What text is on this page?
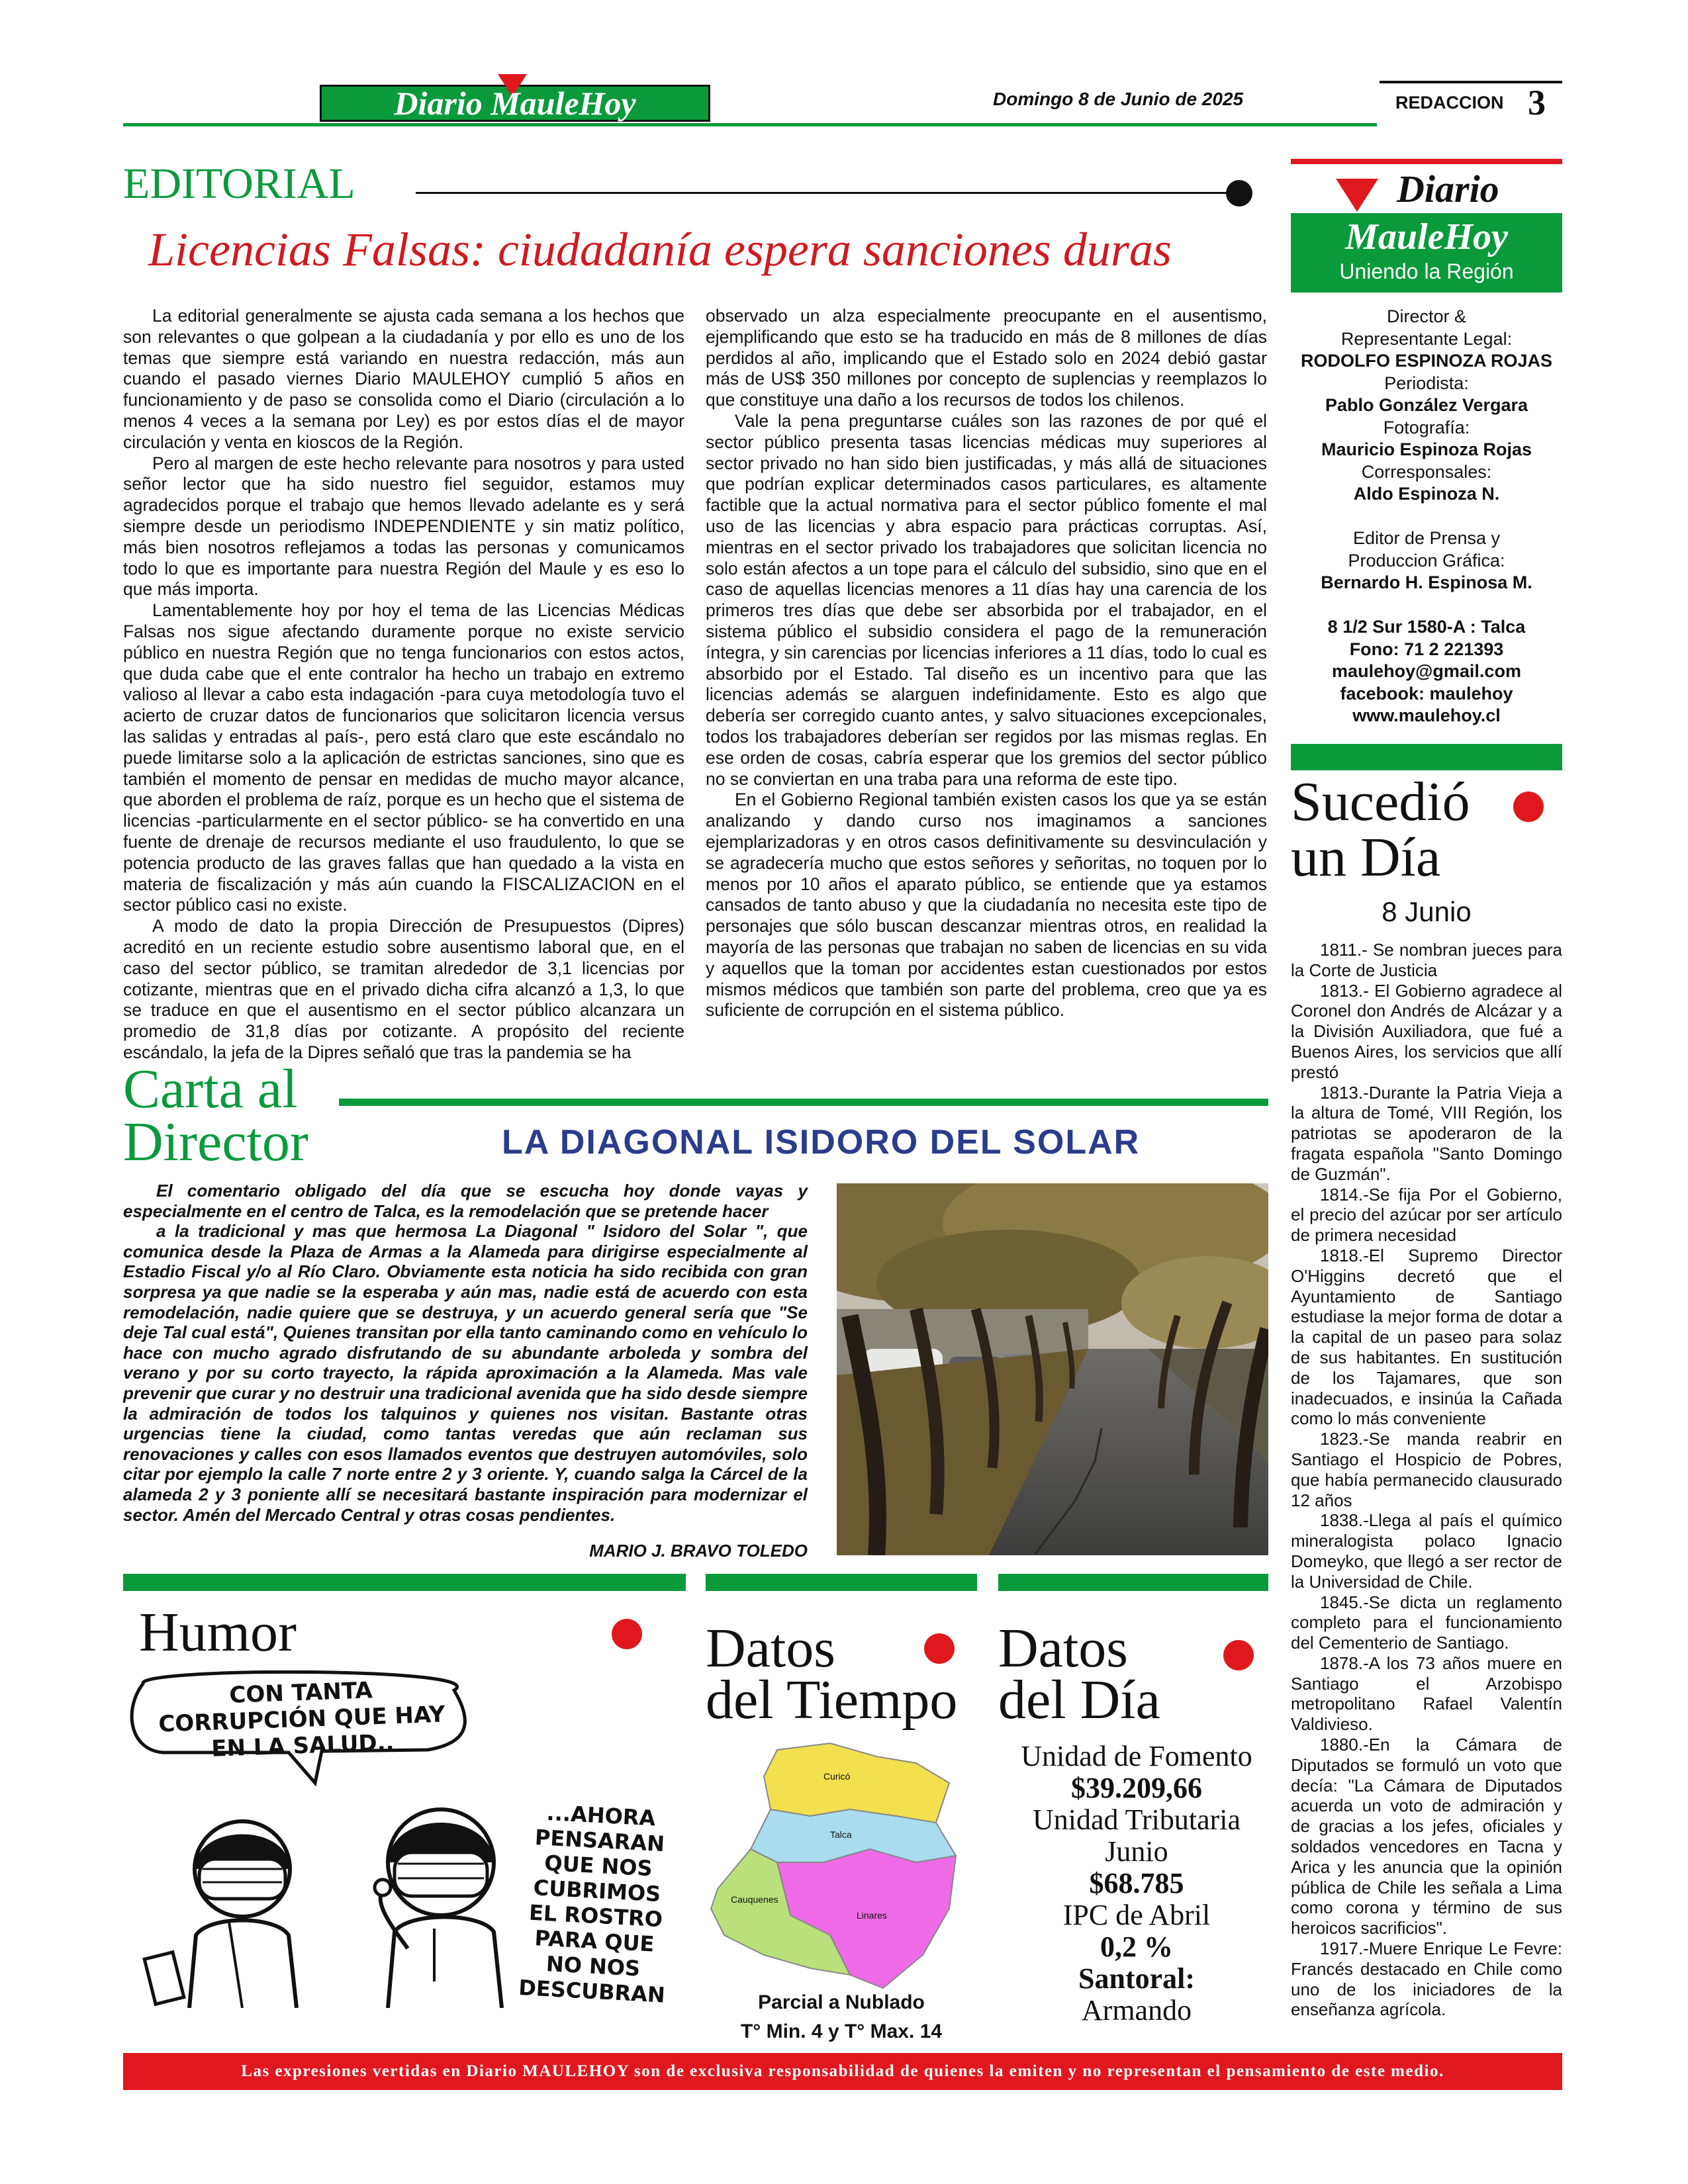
Diario MauleHoy	Domingo 8 de Junio de 2025	REDACCION 3
EDITORIAL
Licencias Falsas: ciudadanía espera sanciones duras

La editorial generalmente se ajusta cada semana a los hechos que son relevantes o que golpean a la ciudadanía y por ello es uno de los temas que siempre está variando en nuestra redacción, más aun cuando el pasado viernes Diario MAULEHOY cumplió 5 años en funcionamiento y de paso se consolida como el Diario (circulación a lo menos 4 veces a la semana por Ley) es por estos días el de mayor circulación y venta en kioscos de la Región.

Pero al margen de este hecho relevante para nosotros y para usted señor lector que ha sido nuestro fiel seguidor, estamos muy agradecidos porque el trabajo que hemos llevado adelante es y será siempre desde un periodismo INDEPENDIENTE y sin matiz político, más bien nosotros reflejamos a todas las personas y comunicamos todo lo que es importante para nuestra Región del Maule y es eso lo que más importa.

Lamentablemente hoy por hoy el tema de las Licencias Médicas Falsas nos sigue afectando duramente porque no existe servicio público en nuestra Región que no tenga funcionarios con estos actos, que duda cabe que el ente contralor ha hecho un trabajo en extremo valioso al llevar a cabo esta indagación -para cuya metodología tuvo el acierto de cruzar datos de funcionarios que solicitaron licencia versus las salidas y entradas al país-, pero está claro que este escándalo no puede limitarse solo a la aplicación de estrictas sanciones, sino que es también el momento de pensar en medidas de mucho mayor alcance, que aborden el problema de raíz, porque es un hecho que el sistema de licencias -particularmente en el sector público- se ha convertido en una fuente de drenaje de recursos mediante el uso fraudulento, lo que se potencia producto de las graves fallas que han quedado a la vista en materia de fiscalización y más aún cuando la FISCALIZACION en el sector público casi no existe.

A modo de dato la propia Dirección de Presupuestos (Dipres) acreditó en un reciente estudio sobre ausentismo laboral que, en el caso del sector público, se tramitan alrededor de 3,1 licencias por cotizante, mientras que en el privado dicha cifra alcanzó a 1,3, lo que se traduce en que el ausentismo en el sector público alcanzara un promedio de 31,8 días por cotizante. A propósito del reciente escándalo, la jefa de la Dipres señaló que tras la pandemia se ha

observado un alza especialmente preocupante en el ausentismo, ejemplificando que esto se ha traducido en más de 8 millones de días perdidos al año, implicando que el Estado solo en 2024 debió gastar más de US$ 350 millones por concepto de suplencias y reemplazos lo que constituye una daño a los recursos de todos los chilenos.

Vale la pena preguntarse cuáles son las razones de por qué el sector público presenta tasas licencias médicas muy superiores al sector privado no han sido bien justificadas, y más allá de situaciones que podrían explicar determinados casos particulares, es altamente factible que la actual normativa para el sector público fomente el mal uso de las licencias y abra espacio para prácticas corruptas. Así, mientras en el sector privado los trabajadores que solicitan licencia no solo están afectos a un tope para el cálculo del subsidio, sino que en el caso de aquellas licencias menores a 11 días hay una carencia de los primeros tres días que debe ser absorbida por el trabajador, en el sistema público el subsidio considera el pago de la remuneración íntegra, y sin carencias por licencias inferiores a 11 días, todo lo cual es absorbido por el Estado. Tal diseño es un incentivo para que las licencias además se alarguen indefinidamente. Esto es algo que debería ser corregido cuanto antes, y salvo situaciones excepcionales, todos los trabajadores deberían ser regidos por las mismas reglas. En ese orden de cosas, cabría esperar que los gremios del sector público no se conviertan en una traba para una reforma de este tipo.

En el Gobierno Regional también existen casos los que ya se están analizando y dando curso nos imaginamos a sanciones ejemplarizadoras y en otros casos definitivamente su desvinculación y se agradecería mucho que estos señores y señoritas, no toquen por lo menos por 10 años el aparato público, se entiende que ya estamos cansados de tanto abuso y que la ciudadanía no necesita este tipo de personajes que sólo buscan descanzar mientras otros, en realidad la mayoría de las personas que trabajan no saben de licencias en su vida y aquellos que la toman por accidentes estan cuestionados por estos mismos médicos que también son parte del problema, creo que ya es suficiente de corrupción en el sistema público.

Diario
MauleHoy
Uniendo la Región
Director &
Representante Legal:
RODOLFO ESPINOZA ROJAS
Periodista:
Pablo González Vergara
Fotografía:
Mauricio Espinoza Rojas
Corresponsales:
Aldo Espinoza N.

Editor de Prensa y
Produccion Gráfica:
Bernardo H. Espinosa M.

8 1/2 Sur 1580-A : Talca
Fono: 71 2 221393
maulehoy@gmail.com
facebook: maulehoy
www.maulehoy.cl
Sucedió
un Día
8 Junio

1811.- Se nombran jueces para la Corte de Justicia

1813.- El Gobierno agradece al Coronel don Andrés de Alcázar y a la División Auxiliadora, que fué a Buenos Aires, los servicios que allí prestó

1813.-Durante la Patria Vieja a la altura de Tomé, VIII Región, los patriotas se apoderaron de la fragata española "Santo Domingo de Guzmán".

1814.-Se fija Por el Gobierno, el precio del azúcar por ser artículo de primera necesidad

1818.-El Supremo Director O'Higgins decretó que el Ayuntamiento de Santiago estudiase la mejor forma de dotar a la capital de un paseo para solaz de sus habitantes. En sustitución de los Tajamares, que son inadecuados, e insinúa la Cañada como lo más conveniente

1823.-Se manda reabrir en Santiago el Hospicio de Pobres, que había permanecido clausurado 12 años

1838.-Llega al país el químico mineralogista polaco Ignacio Domeyko, que llegó a ser rector de la Universidad de Chile.

1845.-Se dicta un reglamento completo para el funcionamiento del Cementerio de Santiago.

1878.-A los 73 años muere en Santiago el Arzobispo metropolitano Rafael Valentín Valdivieso.

1880.-En la Cámara de Diputados se formuló un voto que decía: "La Cámara de Diputados acuerda un voto de admiración y de gracias a los jefes, oficiales y soldados vencedores en Tacna y Arica y les anuncia que la opinión pública de Chile les señala a Lima como corona y término de sus heroicos sacrificios".

1917.-Muere Enrique Le Fevre: Francés destacado en Chile como uno de los iniciadores de la enseñanza agrícola.

Carta al
Director	LA DIAGONAL ISIDORO DEL SOLAR

El comentario obligado del día que se escucha hoy donde vayas y especialmente en el centro de Talca, es la remodelación que se pretende hacer

a la tradicional y mas que hermosa La Diagonal " Isidoro del Solar ", que comunica desde la Plaza de Armas a la Alameda para dirigirse especialmente al Estadio Fiscal y/o al Río Claro. Obviamente esta noticia ha sido recibida con gran sorpresa ya que nadie se la esperaba y aún mas, nadie está de acuerdo con esta remodelación, nadie quiere que se destruya, y un acuerdo general sería que "Se deje Tal cual está", Quienes transitan por ella tanto caminando como en vehículo lo hace con mucho agrado disfrutando de su abundante arboleda y sombra del verano y por su corto trayecto, la rápida aproximación a la Alameda. Mas vale prevenir que curar y no destruir una tradicional avenida que ha sido desde siempre la admiración de todos los talquinos y quienes nos visitan. Bastante otras urgencias tiene la ciudad, como tantas veredas que aún reclaman sus renovaciones y calles con esos llamados eventos que destruyen automóviles, solo citar por ejemplo la calle 7 norte entre 2 y 3 oriente. Y, cuando salga la Cárcel de la alameda 2 y 3 poniente allí se necesitará bastante inspiración para modernizar el sector. Amén del Mercado Central y otras cosas pendientes.

MARIO J. BRAVO TOLEDO
Humor
CON TANTA CORRUPCIÓN QUE HAY EN LA SALUD..
...AHORA
PENSARAN
QUE NOS
CUBRIMOS
EL ROSTRO
PARA QUE
NO NOS
DESCUBRAN
Datos
del Tiempo
Curicó
Talca
Linares
Cauquenes
Parcial a Nublado
T° Min. 4 y T° Max. 14
Datos
del Día
Unidad de Fomento
$39.209,66
Unidad Tributaria
Junio
$68.785
IPC de Abril
0,2 %
Santoral:
Armando
Las expresiones vertidas en Diario MAULEHOY son de exclusiva responsabilidad de quienes la emiten y no representan el pensamiento de este medio.
